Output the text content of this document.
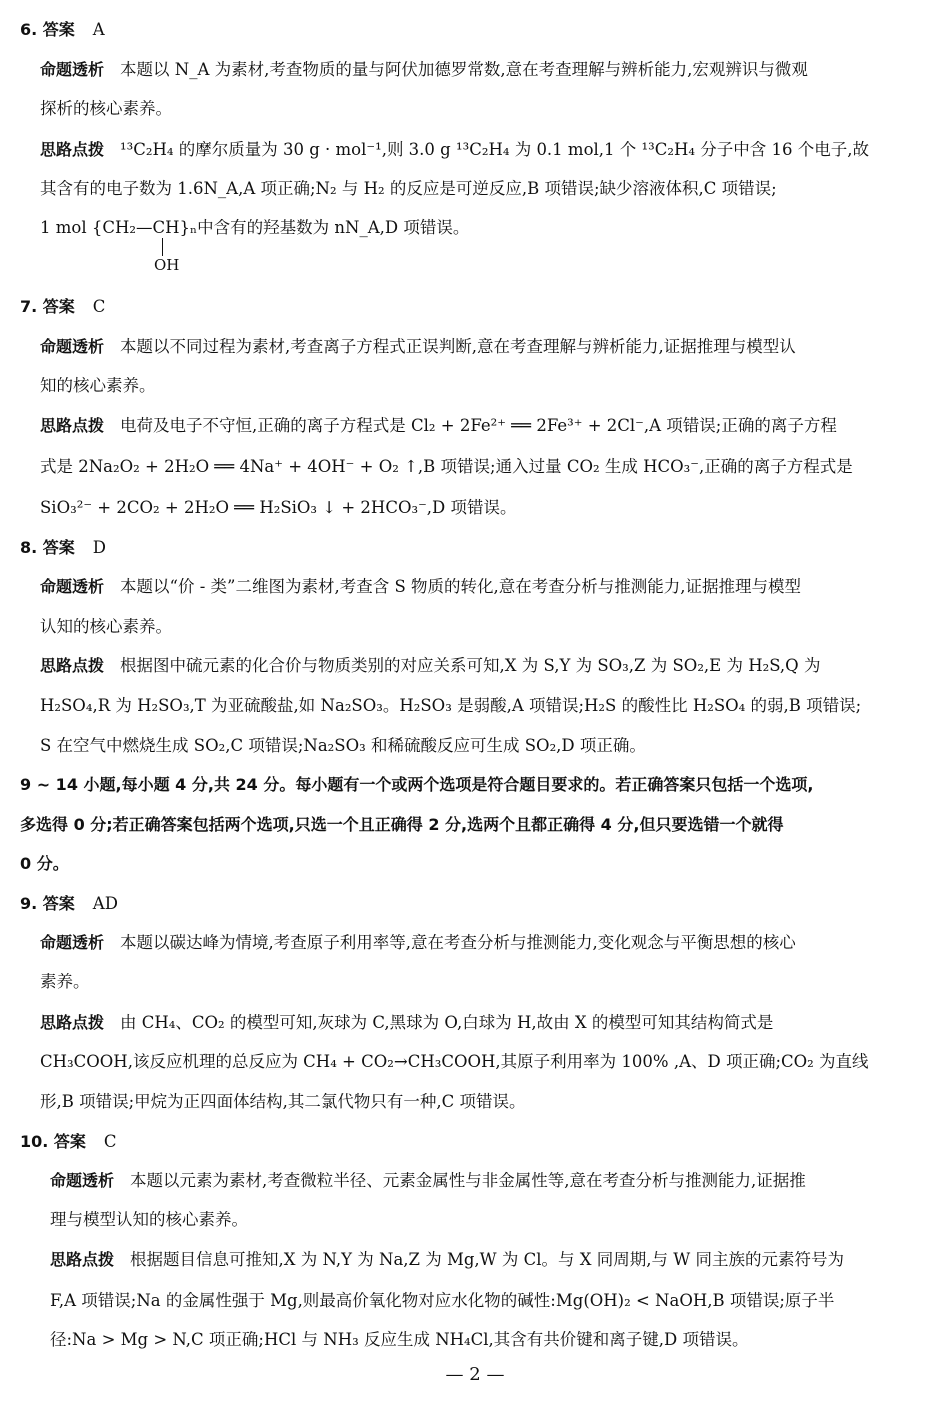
6. 答案 A
命题透析 本题以 N_A 为素材,考查物质的量与阿伏加德罗常数,意在考查理解与辨析能力,宏观辨识与微观
探析的核心素养。
思路点拨 ¹³C₂H₄ 的摩尔质量为 30 g · mol⁻¹,则 3.0 g ¹³C₂H₄ 为 0.1 mol,1 个 ¹³C₂H₄ 分子中含 16 个电子,故
其含有的电子数为 1.6N_A,A 项正确;N₂ 与 H₂ 的反应是可逆反应,B 项错误;缺少溶液体积,C 项错误;
1 mol {CH₂—CH}ₙ中含有的羟基数为 nN_A,D 项错误。
OH
7. 答案 C
命题透析 本题以不同过程为素材,考查离子方程式正误判断,意在考查理解与辨析能力,证据推理与模型认
知的核心素养。
思路点拨 电荷及电子不守恒,正确的离子方程式是 Cl₂ + 2Fe²⁺ ══ 2Fe³⁺ + 2Cl⁻,A 项错误;正确的离子方程
式是 2Na₂O₂ + 2H₂O ══ 4Na⁺ + 4OH⁻ + O₂ ↑,B 项错误;通入过量 CO₂ 生成 HCO₃⁻,正确的离子方程式是
SiO₃²⁻ + 2CO₂ + 2H₂O ══ H₂SiO₃ ↓ + 2HCO₃⁻,D 项错误。
8. 答案 D
命题透析 本题以“价 - 类”二维图为素材,考查含 S 物质的转化,意在考查分析与推测能力,证据推理与模型
认知的核心素养。
思路点拨 根据图中硫元素的化合价与物质类别的对应关系可知,X 为 S,Y 为 SO₃,Z 为 SO₂,E 为 H₂S,Q 为
H₂SO₄,R 为 H₂SO₃,T 为亚硫酸盐,如 Na₂SO₃。H₂SO₃ 是弱酸,A 项错误;H₂S 的酸性比 H₂SO₄ 的弱,B 项错误;
S 在空气中燃烧生成 SO₂,C 项错误;Na₂SO₃ 和稀硫酸反应可生成 SO₂,D 项正确。
9 ~ 14 小题,每小题 4 分,共 24 分。每小题有一个或两个选项是符合题目要求的。若正确答案只包括一个选项,
多选得 0 分;若正确答案包括两个选项,只选一个且正确得 2 分,选两个且都正确得 4 分,但只要选错一个就得
0 分。
9. 答案 AD
命题透析 本题以碳达峰为情境,考查原子利用率等,意在考查分析与推测能力,变化观念与平衡思想的核心
素养。
思路点拨 由 CH₄、CO₂ 的模型可知,灰球为 C,黑球为 O,白球为 H,故由 X 的模型可知其结构简式是
CH₃COOH,该反应机理的总反应为 CH₄ + CO₂→CH₃COOH,其原子利用率为 100% ,A、D 项正确;CO₂ 为直线
形,B 项错误;甲烷为正四面体结构,其二氯代物只有一种,C 项错误。
10. 答案 C
命题透析 本题以元素为素材,考查微粒半径、元素金属性与非金属性等,意在考查分析与推测能力,证据推
理与模型认知的核心素养。
思路点拨 根据题目信息可推知,X 为 N,Y 为 Na,Z 为 Mg,W 为 Cl。与 X 同周期,与 W 同主族的元素符号为
F,A 项错误;Na 的金属性强于 Mg,则最高价氧化物对应水化物的碱性:Mg(OH)₂ < NaOH,B 项错误;原子半
径:Na > Mg > N,C 项正确;HCl 与 NH₃ 反应生成 NH₄Cl,其含有共价键和离子键,D 项错误。
— 2 —
